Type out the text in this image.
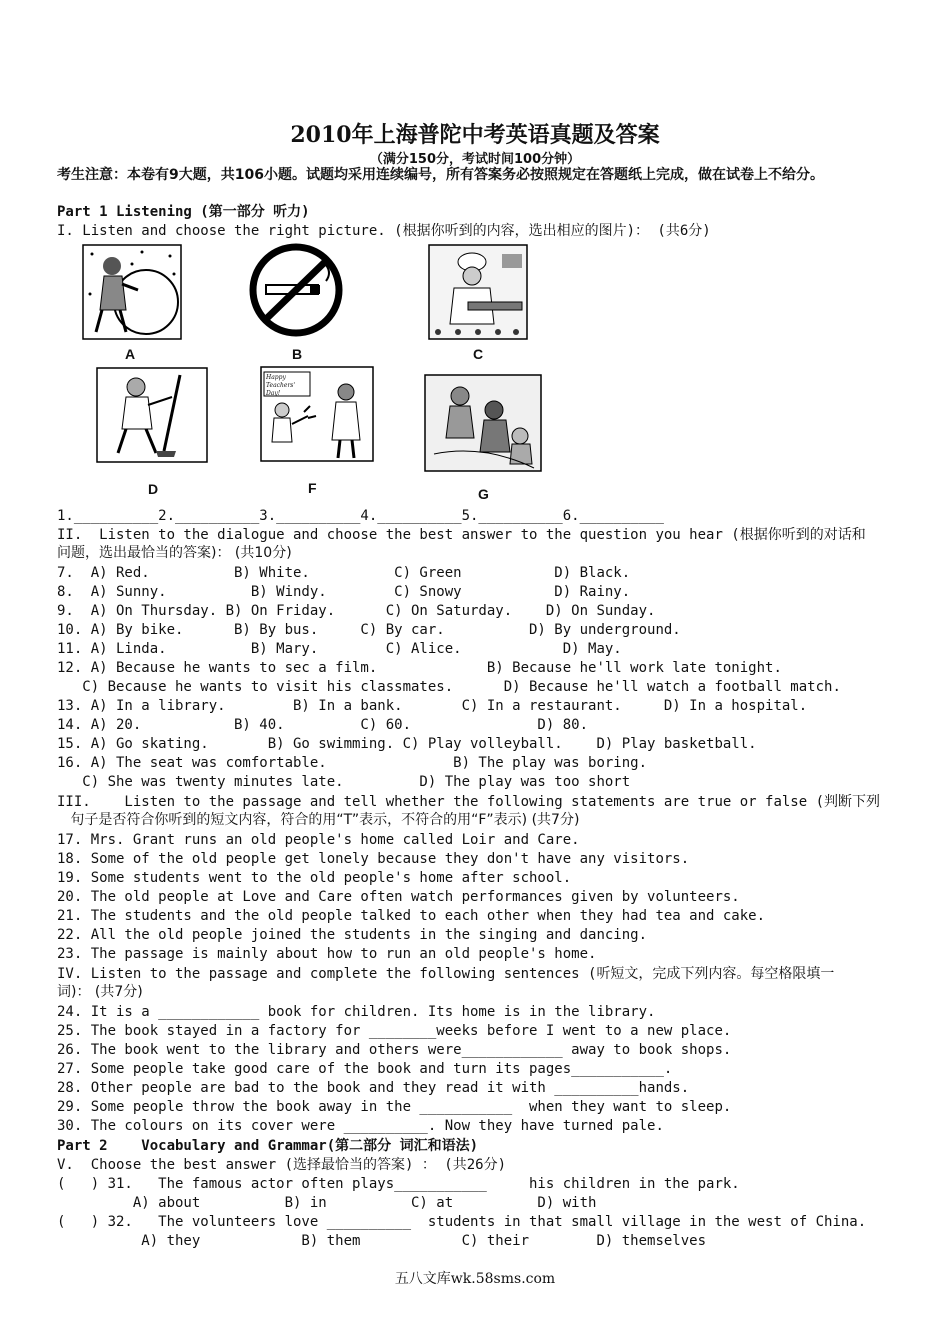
2010年上海普陀中考英语真题及答案
（满分150分，考试时间100分钟）
考生注意：本卷有9大题，共106小题。试题均采用连续编号，所有答案务必按照规定在答题纸上完成，做在试卷上不给分。
Part 1 Listening (第一部分 听力)
I. Listen and choose the right picture. (根据你听到的内容，选出相应的图片)： (共6分)
A	B	C
D
Happy Teachers' Day!
F	G
1.__________2.__________3.__________4.__________5.__________6.__________
II.  Listen to the dialogue and choose the best answer to the question you hear (根据你听到的对话和
问题，选出最恰当的答案)： (共10分)
7.  A) Red.          B) White.          C) Green           D) Black.
8.  A) Sunny.          B) Windy.        C) Snowy           D) Rainy.
9.  A) On Thursday. B) On Friday.      C) On Saturday.    D) On Sunday.
10. A) By bike.      B) By bus.     C) By car.          D) By underground.
11. A) Linda.          B) Mary.        C) Alice.            D) May.
12. A) Because he wants to sec a film.             B) Because he'll work late tonight.
C) Because he wants to visit his classmates.      D) Because he'll watch a football match.
13. A) In a library.        B) In a bank.       C) In a restaurant.     D) In a hospital.
14. A) 20.           B) 40.         C) 60.               D) 80.
15. A) Go skating.       B) Go swimming. C) Play volleyball.    D) Play basketball.
16. A) The seat was comfortable.               B) The play was boring.
C) She was twenty minutes late.         D) The play was too short
III.    Listen to the passage and tell whether the following statements are true or false (判断下列
句子是否符合你听到的短文内容，符合的用“T”表示，不符合的用“F”表示) (共7分)
17. Mrs. Grant runs an old people's home called Loir and Care.
18. Some of the old people get lonely because they don't have any visitors.
19. Some students went to the old people's home after school.
20. The old people at Love and Care often watch performances given by volunteers.
21. The students and the old people talked to each other when they had tea and cake.
22. All the old people joined the students in the singing and dancing.
23. The passage is mainly about how to run an old people's home.
IV. Listen to the passage and complete the following sentences (听短文，完成下列内容。每空格限填一
词)： (共7分)
24. It is a ____________ book for children. Its home is in the library.
25. The book stayed in a factory for ________weeks before I went to a new place.
26. The book went to the library and others were____________ away to book shops.
27. Some people take good care of the book and turn its pages___________.
28. Other people are bad to the book and they read it with __________hands.
29. Some people throw the book away in the ___________  when they want to sleep.
30. The colours on its cover were __________. Now they have turned pale.
Part 2    Vocabulary and Grammar(第二部分 词汇和语法)
V.  Choose the best answer (选择最恰当的答案) ： (共26分)
(   ) 31.   The famous actor often plays___________     his children in the park.
A) about          B) in          C) at          D) with
(   ) 32.   The volunteers love __________  students in that small village in the west of China.
A) they            B) them            C) their        D) themselves
五八文库wk.58sms.com
